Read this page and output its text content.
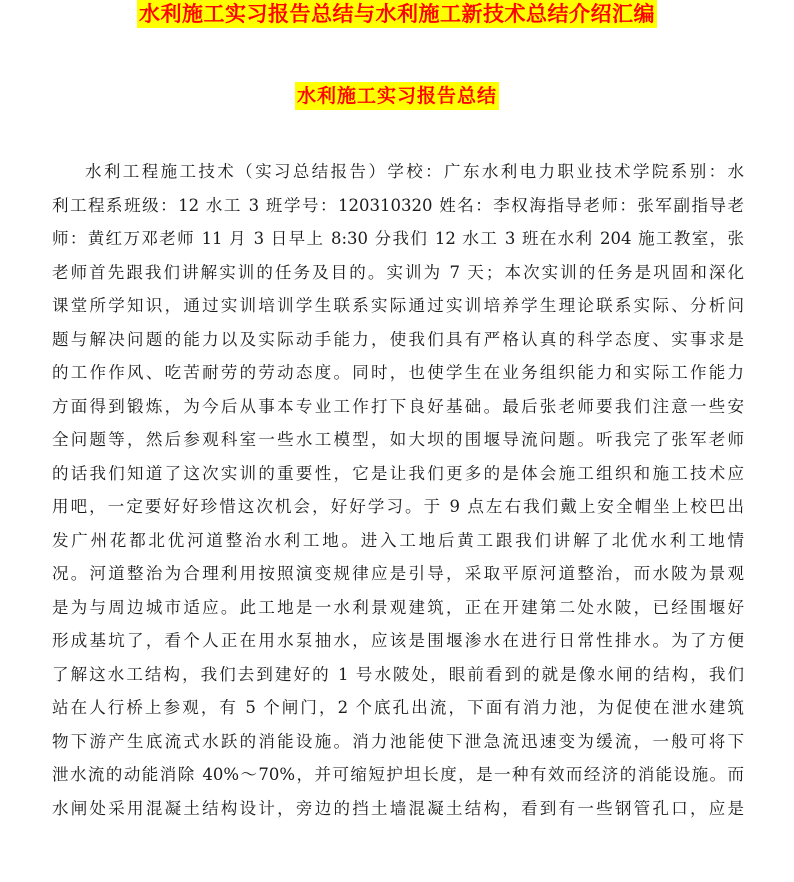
水利施工实习报告总结与水利施工新技术总结介绍汇编
水利施工实习报告总结
水利工程施工技术（实习总结报告）学校：广东水利电力职业技术学院系别：水
利工程系班级：12 水工 3 班学号：120310320 姓名：李权海指导老师：张军副指导老
师：黄红万邓老师 11 月 3 日早上 8:30 分我们 12 水工 3 班在水利 204 施工教室，张
老师首先跟我们讲解实训的任务及目的。实训为 7 天；本次实训的任务是巩固和深化
课堂所学知识，通过实训培训学生联系实际通过实训培养学生理论联系实际、分析问
题与解决问题的能力以及实际动手能力，使我们具有严格认真的科学态度、实事求是
的工作作风、吃苦耐劳的劳动态度。同时，也使学生在业务组织能力和实际工作能力
方面得到锻炼，为今后从事本专业工作打下良好基础。最后张老师要我们注意一些安
全问题等，然后参观科室一些水工模型，如大坝的围堰导流问题。听我完了张军老师
的话我们知道了这次实训的重要性，它是让我们更多的是体会施工组织和施工技术应
用吧，一定要好好珍惜这次机会，好好学习。于 9 点左右我们戴上安全帽坐上校巴出
发广州花都北优河道整治水利工地。进入工地后黄工跟我们讲解了北优水利工地情
况。河道整治为合理利用按照演变规律应是引导，采取平原河道整治，而水陂为景观
是为与周边城市适应。此工地是一水利景观建筑，正在开建第二处水陂，已经围堰好
形成基坑了，看个人正在用水泵抽水，应该是围堰渗水在进行日常性排水。为了方便
了解这水工结构，我们去到建好的 1 号水陂处，眼前看到的就是像水闸的结构，我们
站在人行桥上参观，有 5 个闸门，2 个底孔出流，下面有消力池，为促使在泄水建筑
物下游产生底流式水跃的消能设施。消力池能使下泄急流迅速变为缓流，一般可将下
泄水流的动能消除 40%～70%，并可缩短护坦长度，是一种有效而经济的消能设施。而
水闸处采用混凝土结构设计，旁边的挡土墙混凝土结构，看到有一些钢管孔口，应是
